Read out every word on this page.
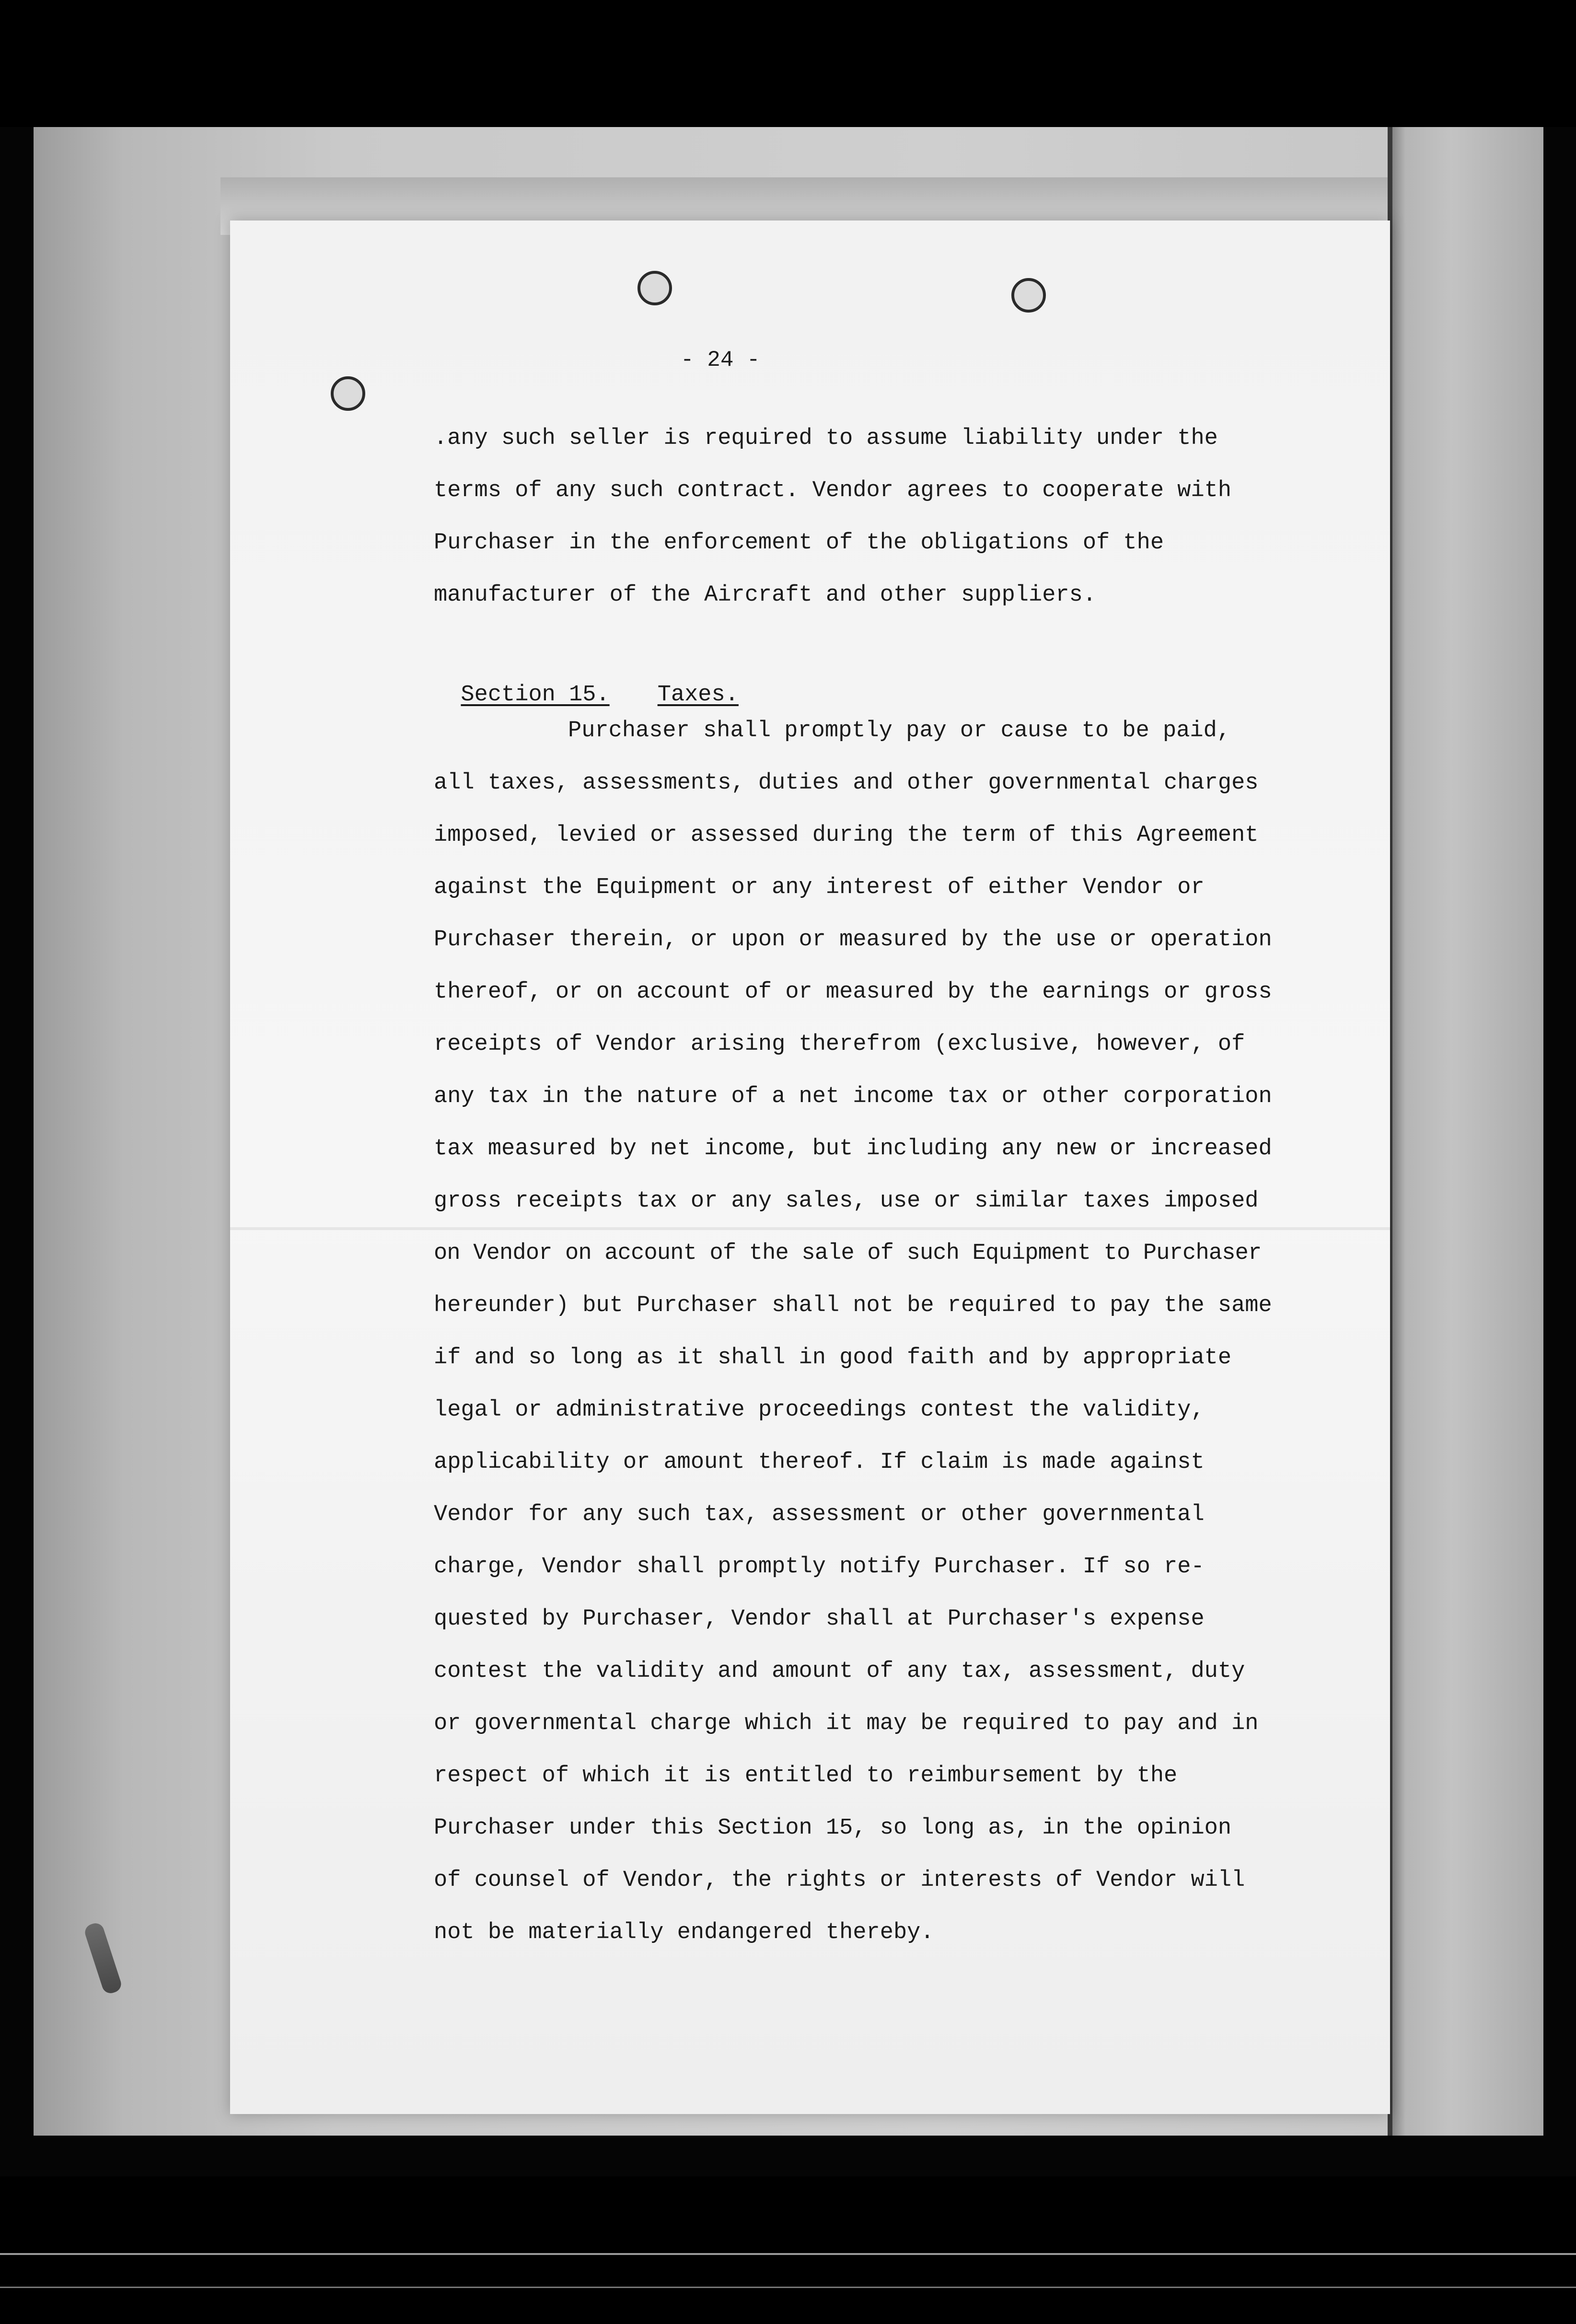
- 24 -
.any such seller is required to assume liability under the
terms of any such contract. Vendor agrees to cooperate with
Purchaser in the enforcement of the obligations of the
manufacturer of the Aircraft and other suppliers.

Section 15. Taxes.

Purchaser shall promptly pay or cause to be paid,
all taxes, assessments, duties and other governmental charges
imposed, levied or assessed during the term of this Agreement
against the Equipment or any interest of either Vendor or
Purchaser therein, or upon or measured by the use or operation
thereof, or on account of or measured by the earnings or gross
receipts of Vendor arising therefrom (exclusive, however, of
any tax in the nature of a net income tax or other corporation
tax measured by net income, but including any new or increased
gross receipts tax or any sales, use or similar taxes imposed
on Vendor on account of the sale of such Equipment to Purchaser
hereunder) but Purchaser shall not be required to pay the same
if and so long as it shall in good faith and by appropriate
legal or administrative proceedings contest the validity,
applicability or amount thereof. If claim is made against
Vendor for any such tax, assessment or other governmental
charge, Vendor shall promptly notify Purchaser. If so re-
quested by Purchaser, Vendor shall at Purchaser's expense
contest the validity and amount of any tax, assessment, duty
or governmental charge which it may be required to pay and in
respect of which it is entitled to reimbursement by the
Purchaser under this Section 15, so long as, in the opinion
of counsel of Vendor, the rights or interests of Vendor will
not be materially endangered thereby.
